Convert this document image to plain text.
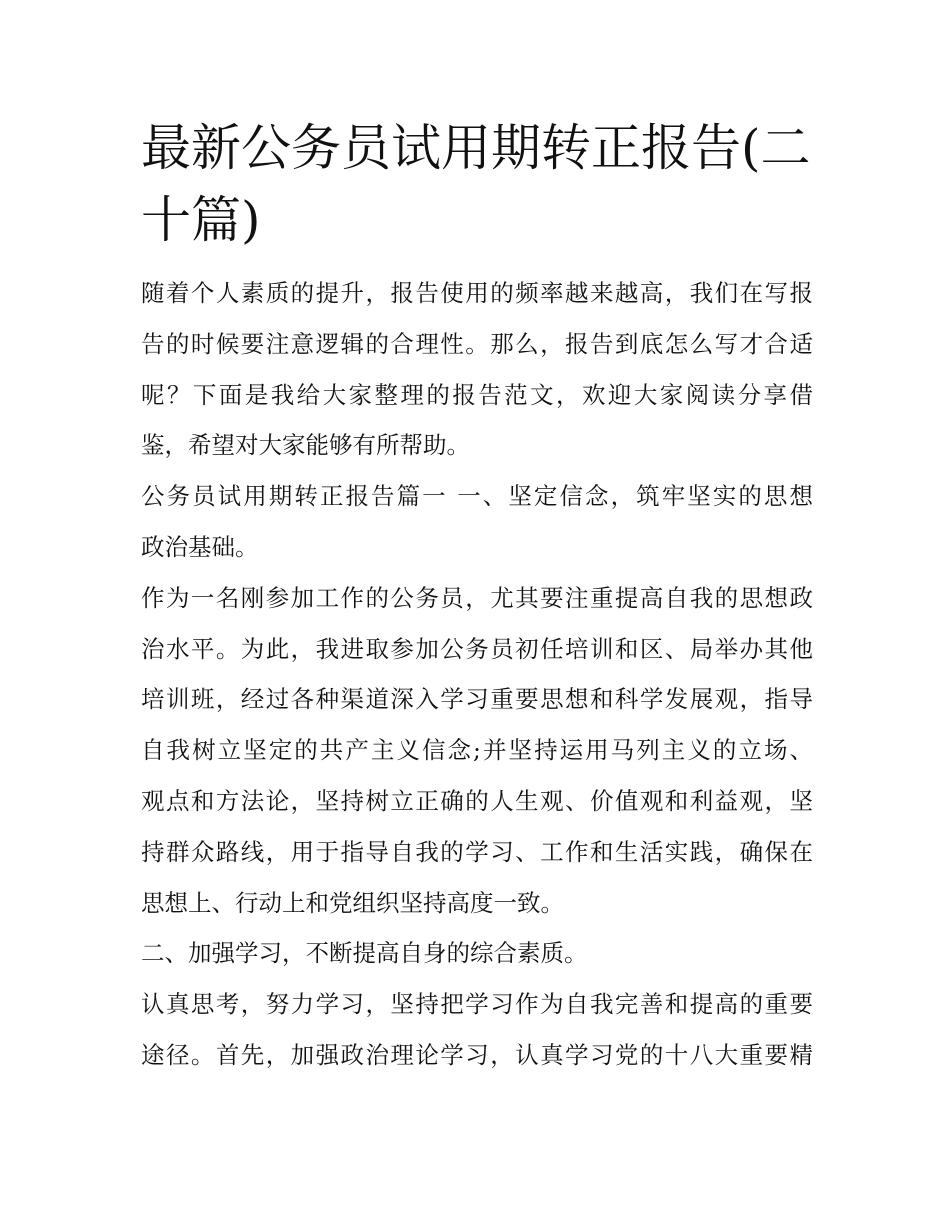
最新公务员试用期转正报告(二
十篇)

随着个人素质的提升，报告使用的频率越来越高，我们在写报
告的时候要注意逻辑的合理性。那么，报告到底怎么写才合适
呢？下面是我给大家整理的报告范文，欢迎大家阅读分享借
鉴，希望对大家能够有所帮助。

公务员试用期转正报告篇一 一、坚定信念，筑牢坚实的思想
政治基础。

作为一名刚参加工作的公务员，尤其要注重提高自我的思想政
治水平。为此，我进取参加公务员初任培训和区、局举办其他
培训班，经过各种渠道深入学习重要思想和科学发展观，指导
自我树立坚定的共产主义信念;并坚持运用马列主义的立场、
观点和方法论，坚持树立正确的人生观、价值观和利益观，坚
持群众路线，用于指导自我的学习、工作和生活实践，确保在
思想上、行动上和党组织坚持高度一致。

二、加强学习，不断提高自身的综合素质。

认真思考，努力学习，坚持把学习作为自我完善和提高的重要
途径。首先，加强政治理论学习，认真学习党的十八大重要精
